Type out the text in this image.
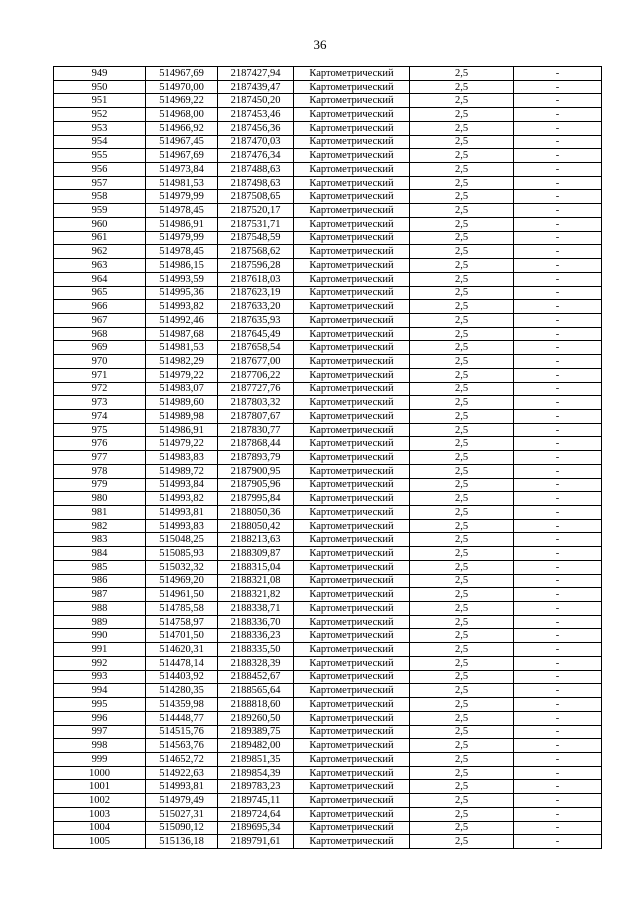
36
949	514967,69	2187427,94	Картометрический	2,5	-
950	514970,00	2187439,47	Картометрический	2,5	-
951	514969,22	2187450,20	Картометрический	2,5	-
952	514968,00	2187453,46	Картометрический	2,5	-
953	514966,92	2187456,36	Картометрический	2,5	-
954	514967,45	2187470,03	Картометрический	2,5	-
955	514967,69	2187476,34	Картометрический	2,5	-
956	514973,84	2187488,63	Картометрический	2,5	-
957	514981,53	2187498,63	Картометрический	2,5	-
958	514979,99	2187508,65	Картометрический	2,5	-
959	514978,45	2187520,17	Картометрический	2,5	-
960	514986,91	2187531,71	Картометрический	2,5	-
961	514979,99	2187548,59	Картометрический	2,5	-
962	514978,45	2187568,62	Картометрический	2,5	-
963	514986,15	2187596,28	Картометрический	2,5	-
964	514993,59	2187618,03	Картометрический	2,5	-
965	514995,36	2187623,19	Картометрический	2,5	-
966	514993,82	2187633,20	Картометрический	2,5	-
967	514992,46	2187635,93	Картометрический	2,5	-
968	514987,68	2187645,49	Картометрический	2,5	-
969	514981,53	2187658,54	Картометрический	2,5	-
970	514982,29	2187677,00	Картометрический	2,5	-
971	514979,22	2187706,22	Картометрический	2,5	-
972	514983,07	2187727,76	Картометрический	2,5	-
973	514989,60	2187803,32	Картометрический	2,5	-
974	514989,98	2187807,67	Картометрический	2,5	-
975	514986,91	2187830,77	Картометрический	2,5	-
976	514979,22	2187868,44	Картометрический	2,5	-
977	514983,83	2187893,79	Картометрический	2,5	-
978	514989,72	2187900,95	Картометрический	2,5	-
979	514993,84	2187905,96	Картометрический	2,5	-
980	514993,82	2187995,84	Картометрический	2,5	-
981	514993,81	2188050,36	Картометрический	2,5	-
982	514993,83	2188050,42	Картометрический	2,5	-
983	515048,25	2188213,63	Картометрический	2,5	-
984	515085,93	2188309,87	Картометрический	2,5	-
985	515032,32	2188315,04	Картометрический	2,5	-
986	514969,20	2188321,08	Картометрический	2,5	-
987	514961,50	2188321,82	Картометрический	2,5	-
988	514785,58	2188338,71	Картометрический	2,5	-
989	514758,97	2188336,70	Картометрический	2,5	-
990	514701,50	2188336,23	Картометрический	2,5	-
991	514620,31	2188335,50	Картометрический	2,5	-
992	514478,14	2188328,39	Картометрический	2,5	-
993	514403,92	2188452,67	Картометрический	2,5	-
994	514280,35	2188565,64	Картометрический	2,5	-
995	514359,98	2188818,60	Картометрический	2,5	-
996	514448,77	2189260,50	Картометрический	2,5	-
997	514515,76	2189389,75	Картометрический	2,5	-
998	514563,76	2189482,00	Картометрический	2,5	-
999	514652,72	2189851,35	Картометрический	2,5	-
1000	514922,63	2189854,39	Картометрический	2,5	-
1001	514993,81	2189783,23	Картометрический	2,5	-
1002	514979,49	2189745,11	Картометрический	2,5	-
1003	515027,31	2189724,64	Картометрический	2,5	-
1004	515090,12	2189695,34	Картометрический	2,5	-
1005	515136,18	2189791,61	Картометрический	2,5	-
